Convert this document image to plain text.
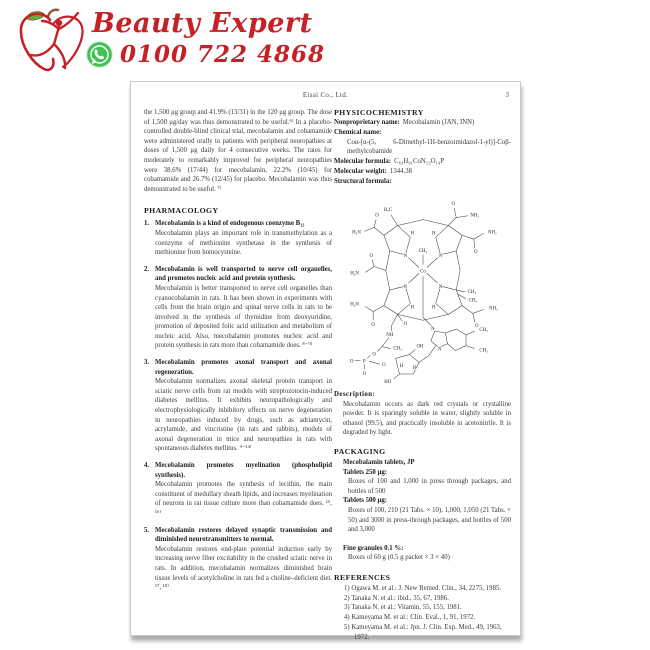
Beauty Expert
0100 722 4868
Eisai Co., Ltd.	3
the 1,500 μg group and 41.9% (13/31) in the 120 μg group. The dose of 1,500 μg/day was thus demonstrated to be useful.⁶⁾ In a placebo-controlled double-blind clinical trial, mecobalamin and cobamamide were administered orally to patients with peripheral neuropathies at doses of 1,500 μg daily for 4 consecutive weeks. The rates for moderately to remarkably improved for peripheral neuropathies were 38.6% (17/44) for mecobalamin, 22.2% (10/45) for cobamamide and 26.7% (12/45) for placebo. Mecobalamin was thus demonstrated to be useful. ⁷⁾
PHARMACOLOGY
1. Mecobalamin is a kind of endogenous coenzyme B₁₂
Mecobalamin plays an important role in transmethylation as a coenzyme of methionine synthetase in the synthesis of methionine from homocysteine.
2. Mecobalamin is well transported to nerve cell organelles, and promotes nucleic acid and protein synthesis.
Mecobalamin is better transported to nerve cell organelles than cyanocobalamin in rats. It has been shown in experiments with cells from the brain origin and spinal nerve cells in rats to be involved in the synthesis of thymidine from deoxyuridine, promotion of deposited folic acid utilization and metabolism of nucleic acid. Also, mecobalamin promotes nucleic acid and protein synthesis in rats more than cobamamide does. ⁸⁻⁹⁾
3. Mecobalamin promotes axonal transport and axonal regeneration.
Mecobalamin normalizes axonal skeletal protein transport in sciatic nerve cells from rat models with streptozotocin-induced diabetes mellitus. It exhibits neuropathologically and electrophysiologically inhibitory effects on nerve degeneration in neuropathies induced by drugs, such as adriamycin, acrylamide, and vincristine (in rats and rabbits), models of axonal degeneration in mice and neuropathies in rats with spontaneous diabetes mellitus. ⁹⁻¹⁴⁾
4. Mecobalamin promotes myelination (phospholipid synthesis).
Mecobalamin promotes the synthesis of lecithin, the main constituent of medullary sheath lipids, and increases myelination of neurons in rat tissue culture more than cobamamide does. ¹⁵, ¹⁶⁾
5. Mecobalamin restores delayed synaptic transmission and diminished neurotransmitters to normal.
Mecobalamin restores end-plate potential induction early by increasing nerve fiber excitability in the crushed sciatic nerve in rats. In addition, mecobalamin normalizes diminished brain tissue levels of acetylcholine in rats fed a choline–deficient diet. ¹⁷, ¹⁸⁾
PHYSICOCHEMISTRY
Nonproprietary name: Mecobalamin (JAN, INN)
Chemical name:
Coα-[α-(5, 6-Dimethyl-1H-benzoimidazol-1-yl)]-Coβ-methylcobamide
Molecular formula: C₆₃H₉₁CoN₁₃O₁₄P
Molecular weight: 1344.38
Structural formula:
H₂N
O
H₃C
O
NH₂
NH₂
O
O
H₂N
H₂N
O
NH₂
O
CH₃
CH₃
CH₃
Co
N	N
N
N
H	H
H	H
O
NH
CH₃
O
P
O
O
O
HO
OH
H H
N
N
CH₃
CH₃
Description:
Mecobalamin occurs as dark red crystals or crystalline powder. It is sparingly soluble in water, slightly soluble in ethanol (99.5), and practically insoluble in acetonitrile. It is degraded by light.
PACKAGING
Mecobalamin tablets, JP
Tablets 250 μg:
Boxes of 100 and 1,000 in press through packages, and bottles of 500
Tablets 500 μg:
Boxes of 100, 210 (21 Tabs. × 10), 1,000, 1,050 (21 Tabs. × 50) and 3000 in press-through packages, and bottles of 500 and 3,000
Fine granules 0.1 %:
Boxes of 60 g (0.5 g packet × 3 × 40)
REFERENCES
1) Ogawa M. et al.: J. New Remed. Clin., 34, 2275, 1985.
2) Tanaka N. et al.: ibid., 35, 67, 1986.
3) Tanaka N. et al.: Vitamin, 55, 155, 1981.
4) Kameyama M. et al.: Clin. Eval., 1, 91, 1972.
5) Kameyama M. et al.: Jpn. J. Clin. Exp. Med., 49, 1963, 1972.
